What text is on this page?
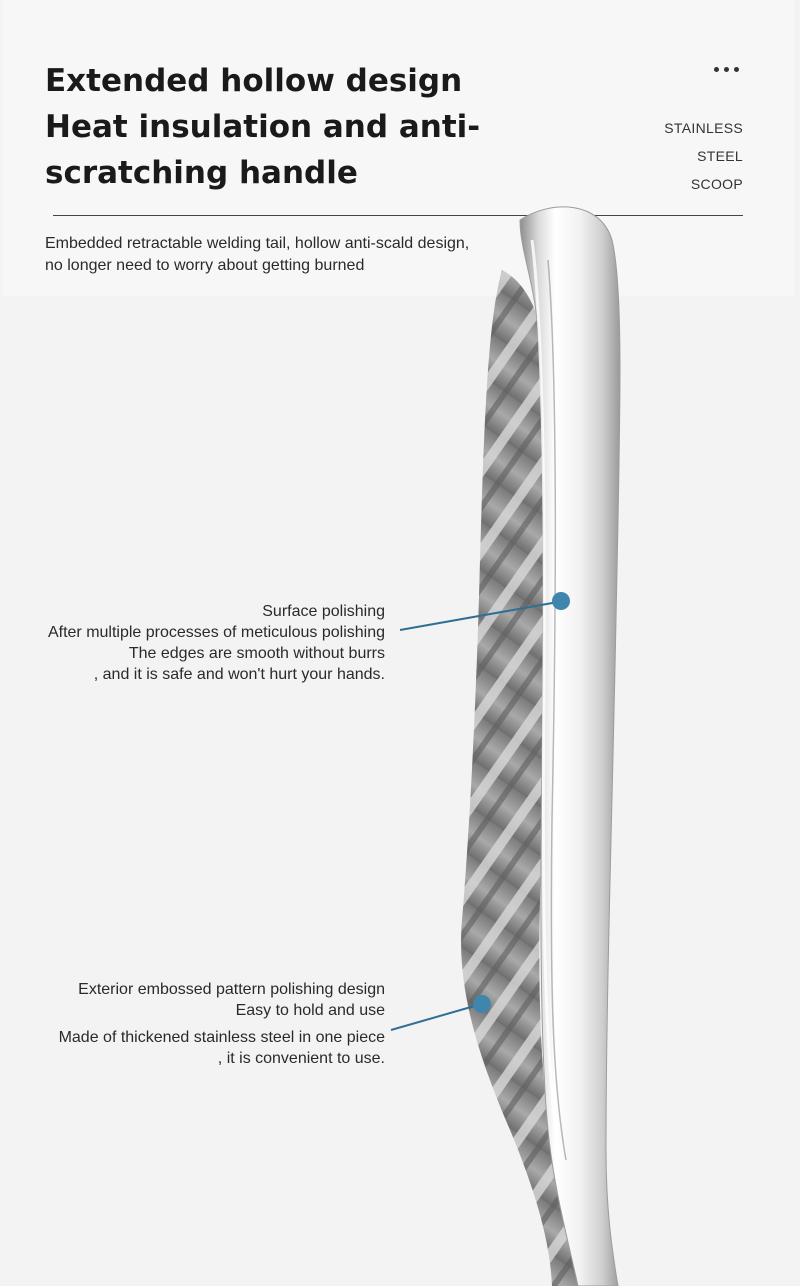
Extended hollow design
Heat insulation and anti-
scratching handle
STAINLESS
STEEL
SCOOP
Embedded retractable welding tail, hollow anti-scald design,
no longer need to worry about getting burned
Surface polishing
After multiple processes of meticulous polishing
The edges are smooth without burrs
, and it is safe and won't hurt your hands.
Exterior embossed pattern polishing design
Easy to hold and use
Made of thickened stainless steel in one piece
, it is convenient to use.
